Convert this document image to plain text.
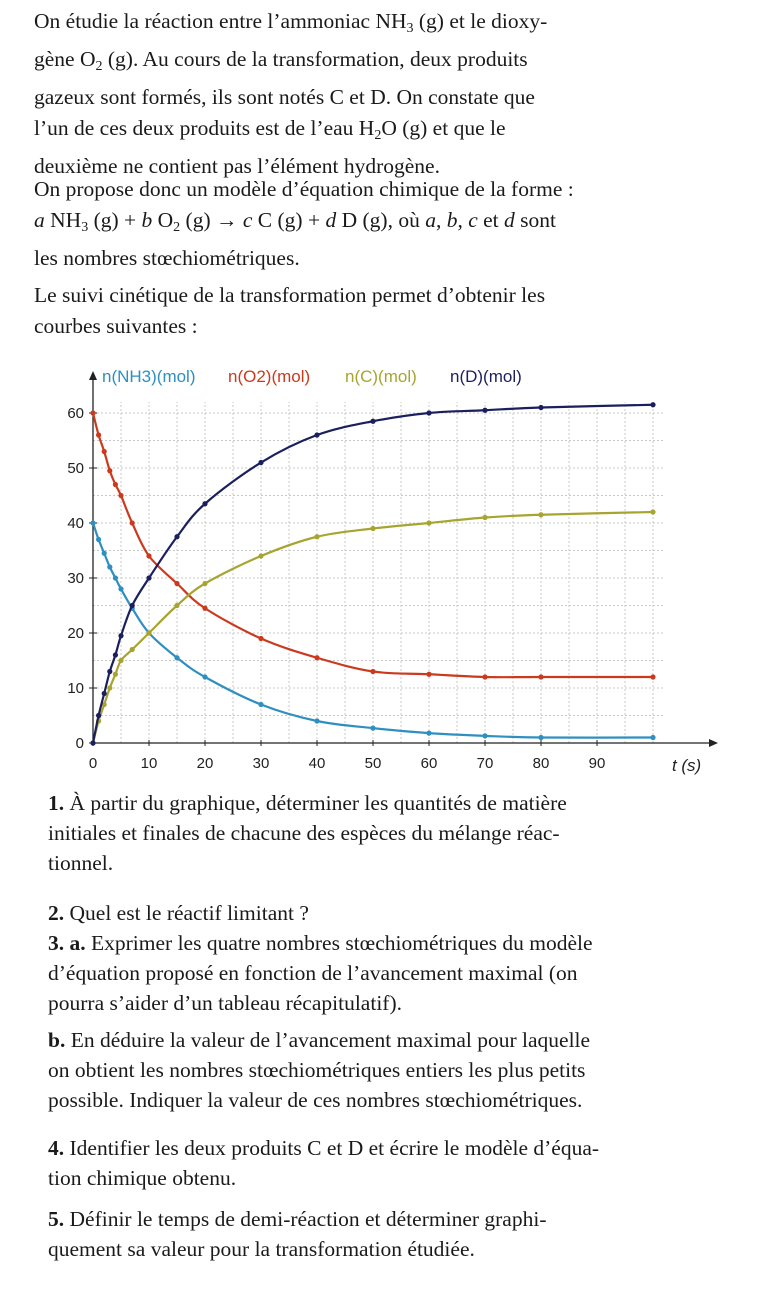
On étudie la réaction entre l’ammoniac $NH_3$ (g) et le dioxy-
gène $O_2$ (g). Au cours de la transformation, deux produits
gazeux sont formés, ils sont notés C et D. On constate que
l’un de ces deux produits est de l’eau $H_2O$ (g) et que le
deuxième ne contient pas l’élément hydrogène.
On propose donc un modèle d’équation chimique de la forme :
a $NH_3$ (g) + b $O_2$ (g) → c C (g) + d D (g), où a, b, c et d sont
les nombres stœchiométriques.
Le suivi cinétique de la transformation permet d’obtenir les
courbes suivantes :
0	10	20	30	40	50	60	70	80	90
0
10
20
30
40
50
60
t (s)
n(NH3)(mol) n(O2)(mol) n(C)(mol) n(D)(mol)
1. À partir du graphique, déterminer les quantités de matière
initiales et finales de chacune des espèces du mélange réac-
tionnel.
2. Quel est le réactif limitant ?
3. a. Exprimer les quatre nombres stœchiométriques du modèle
d’équation proposé en fonction de l’avancement maximal (on
pourra s’aider d’un tableau récapitulatif).
b. En déduire la valeur de l’avancement maximal pour laquelle
on obtient les nombres stœchiométriques entiers les plus petits
possible. Indiquer la valeur de ces nombres stœchiométriques.
4. Identifier les deux produits C et D et écrire le modèle d’équa-
tion chimique obtenu.
5. Définir le temps de demi-réaction et déterminer graphi-
quement sa valeur pour la transformation étudiée.
